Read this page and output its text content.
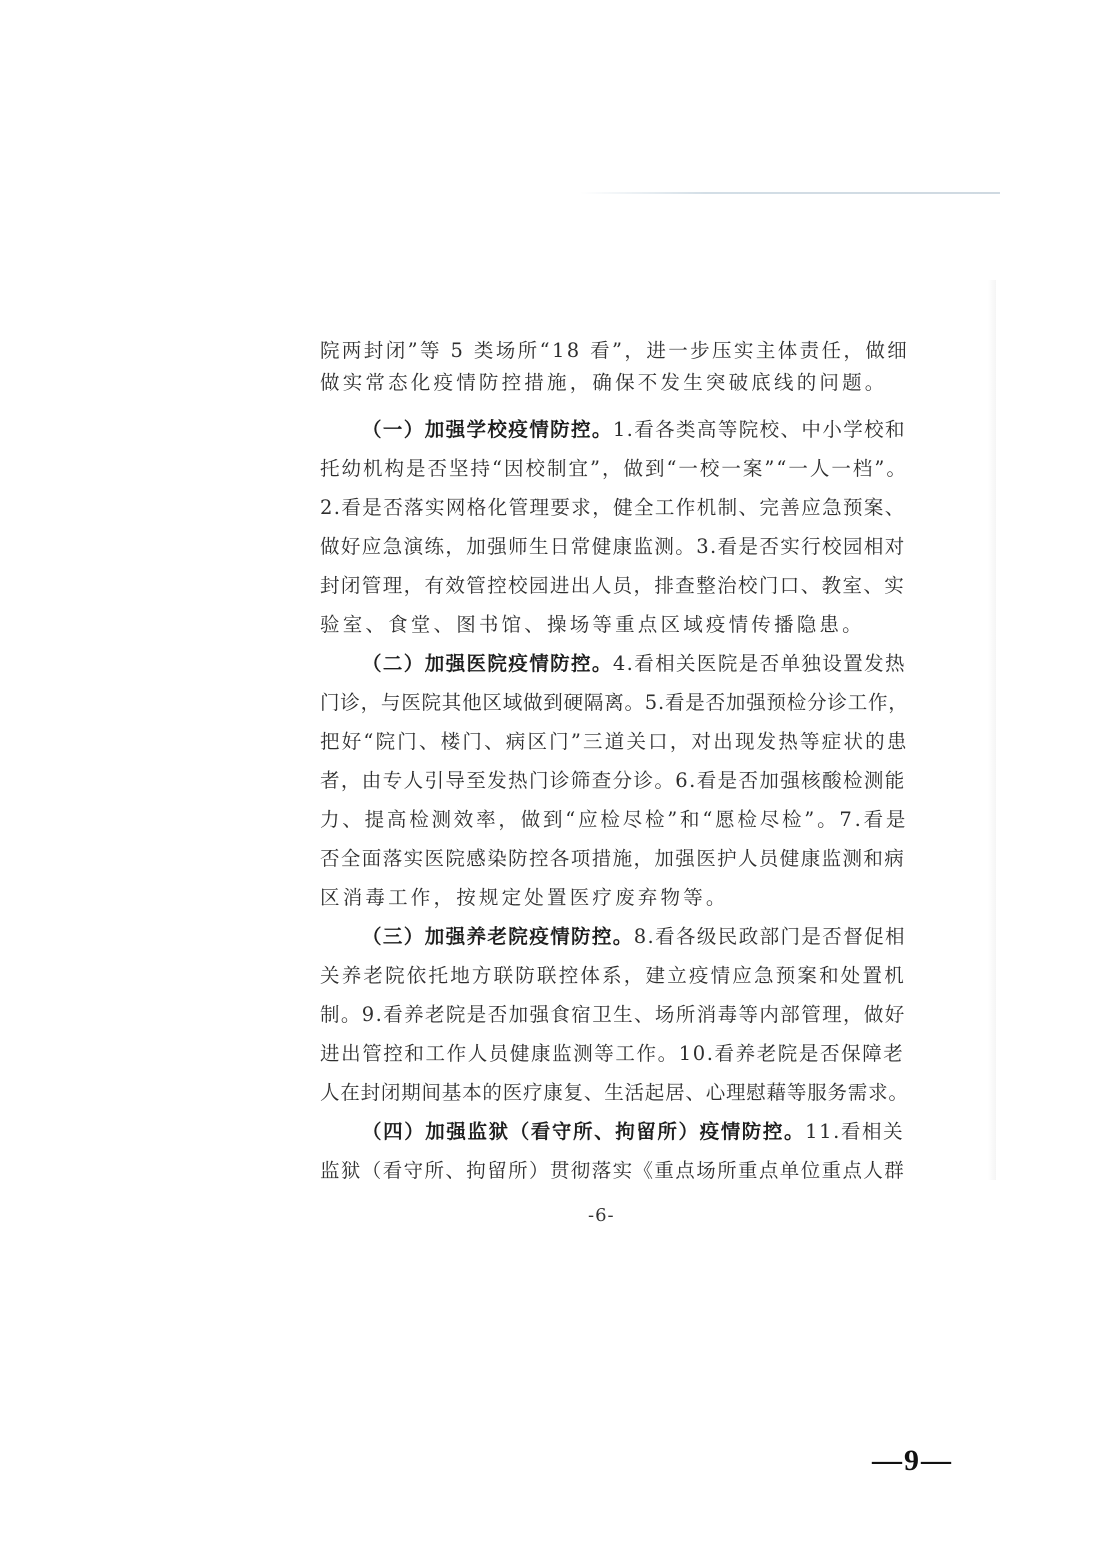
院两封闭”等 5 类场所“18 看”，进一步压实主体责任，做细
做实常态化疫情防控措施，确保不发生突破底线的问题。
（一）加强学校疫情防控。1.看各类高等院校、中小学校和
托幼机构是否坚持“因校制宜”，做到“一校一案”“一人一档”。
2.看是否落实网格化管理要求，健全工作机制、完善应急预案、
做好应急演练，加强师生日常健康监测。3.看是否实行校园相对
封闭管理，有效管控校园进出人员，排查整治校门口、教室、实
验室、食堂、图书馆、操场等重点区域疫情传播隐患。
（二）加强医院疫情防控。4.看相关医院是否单独设置发热
门诊，与医院其他区域做到硬隔离。5.看是否加强预检分诊工作，
把好“院门、楼门、病区门”三道关口，对出现发热等症状的患
者，由专人引导至发热门诊筛查分诊。6.看是否加强核酸检测能
力、提高检测效率，做到“应检尽检”和“愿检尽检”。7.看是
否全面落实医院感染防控各项措施，加强医护人员健康监测和病
区消毒工作，按规定处置医疗废弃物等。
（三）加强养老院疫情防控。8.看各级民政部门是否督促相
关养老院依托地方联防联控体系，建立疫情应急预案和处置机
制。9.看养老院是否加强食宿卫生、场所消毒等内部管理，做好
进出管控和工作人员健康监测等工作。10.看养老院是否保障老
人在封闭期间基本的医疗康复、生活起居、心理慰藉等服务需求。
（四）加强监狱（看守所、拘留所）疫情防控。11.看相关
监狱（看守所、拘留所）贯彻落实《重点场所重点单位重点人群
-6-
—9—
